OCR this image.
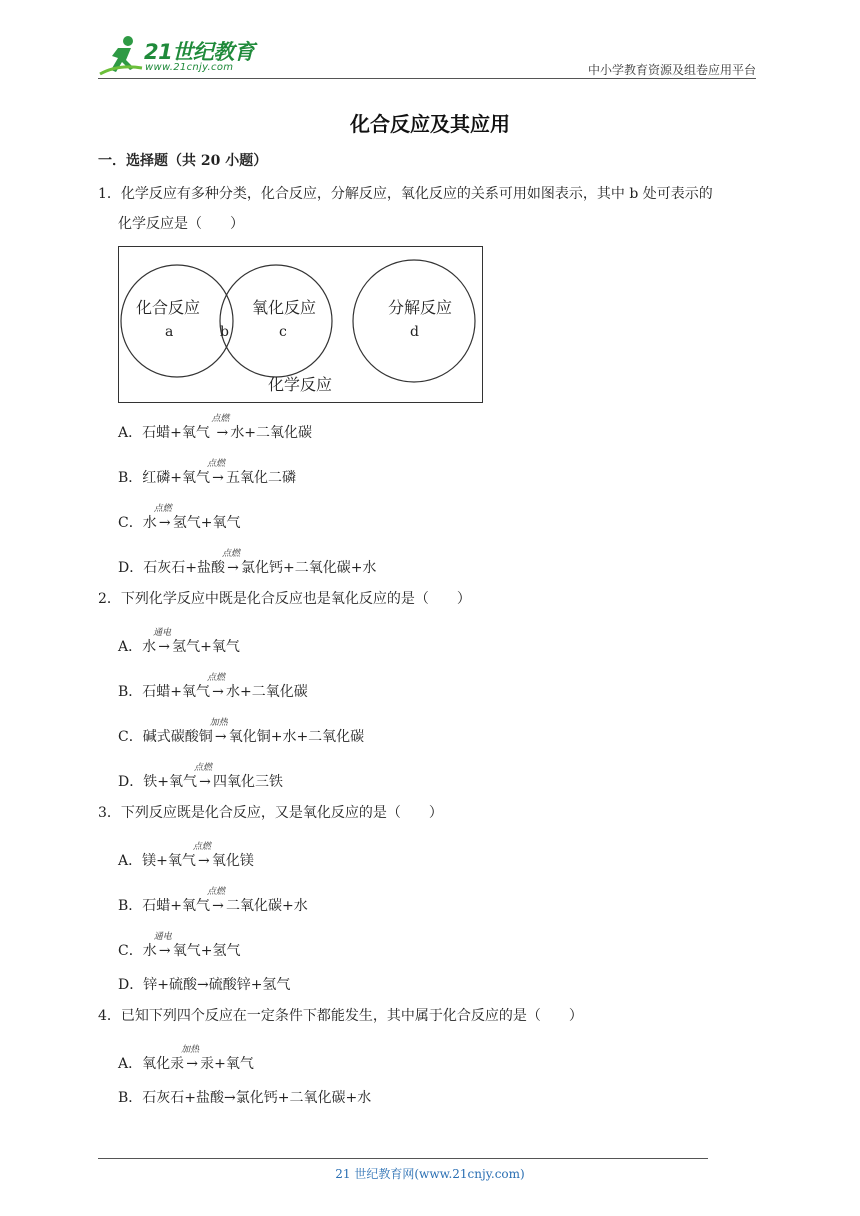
21世纪教育
www.21cnjy.com	中小学教育资源及组卷应用平台
化合反应及其应用
一．选择题（共 20 小题）
1．化学反应有多种分类，化合反应，分解反应，氧化反应的关系可用如图表示，其中 b 处可表示的
化学反应是（　　）
化合反应	氧化反应	分解反应
a	b	c	d
化学反应
A．石蜡+氧气
点燃
→ 水+二氧化碳
B．红磷+氧气
点燃
→ 五氧化二磷
C．水
点燃
→ 氢气+氧气
D．石灰石+盐酸
点燃
→ 氯化钙+二氧化碳+水
2．下列化学反应中既是化合反应也是氧化反应的是（　　）
A．水
通电
→ 氢气+氧气
B．石蜡+氧气
点燃
→ 水+二氧化碳
C．碱式碳酸铜
加热
→ 氧化铜+水+二氧化碳
D．铁+氧气
点燃
→ 四氧化三铁
3．下列反应既是化合反应，又是氧化反应的是（　　）
A．镁+氧气
点燃
→ 氧化镁
B．石蜡+氧气
点燃
→ 二氧化碳+水
C．水
通电
→ 氧气+氢气
D．锌+硫酸→硫酸锌+氢气
4．已知下列四个反应在一定条件下都能发生，其中属于化合反应的是（　　）
A．氧化汞
加热
→ 汞+氧气
B．石灰石+盐酸→氯化钙+二氧化碳+水
21 世纪教育网(www.21cnjy.com)
